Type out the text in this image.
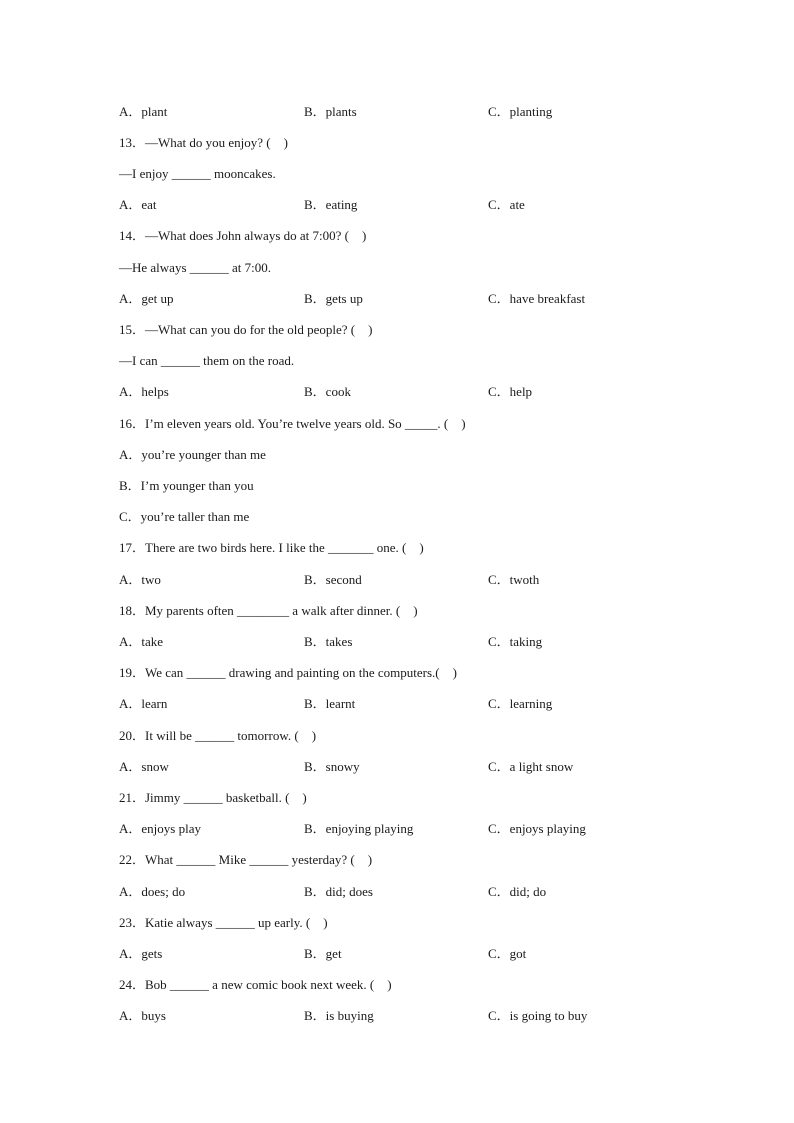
A．plant	B．plants	C．planting
13．—What do you enjoy? (　)
—I enjoy ______ mooncakes.
A．eat	B．eating	C．ate
14．—What does John always do at 7:00? (　)
—He always ______ at 7:00.
A．get up	B．gets up	C．have breakfast
15．—What can you do for the old people? (　)
—I can ______ them on the road.
A．helps	B．cook	C．help
16．I’m eleven years old. You’re twelve years old. So _____. (　)
A．you’re younger than me
B．I’m younger than you
C．you’re taller than me
17．There are two birds here. I like the _______ one. (　)
A．two	B．second	C．twoth
18．My parents often ________ a walk after dinner. (　)
A．take	B．takes	C．taking
19．We can ______ drawing and painting on the computers.(　)
A．learn	B．learnt	C．learning
20．It will be ______ tomorrow. (　)
A．snow	B．snowy	C．a light snow
21．Jimmy ______ basketball. (　)
A．enjoys play	B．enjoying playing	C．enjoys playing
22．What ______ Mike ______ yesterday? (　)
A．does; do	B．did; does	C．did; do
23．Katie always ______ up early. (　)
A．gets	B．get	C．got
24．Bob ______ a new comic book next week. (　)
A．buys	B．is buying	C．is going to buy
